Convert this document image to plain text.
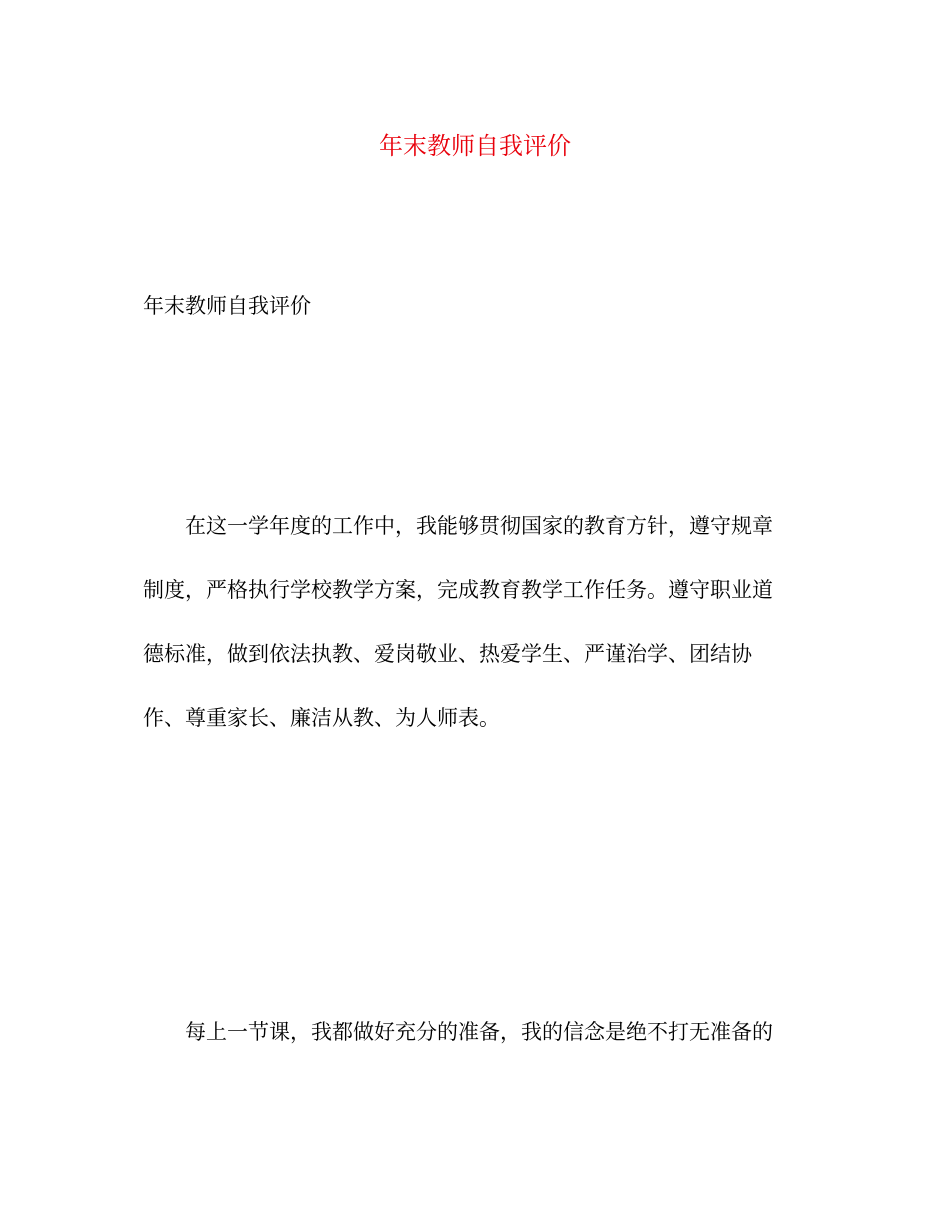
年末教师自我评价
年末教师自我评价
在这一学年度的工作中，我能够贯彻国家的教育方针，遵守规章
制度，严格执行学校教学方案，完成教育教学工作任务。遵守职业道
德标准，做到依法执教、爱岗敬业、热爱学生、严谨治学、团结协
作、尊重家长、廉洁从教、为人师表。
每上一节课，我都做好充分的准备，我的信念是绝不打无准备的
